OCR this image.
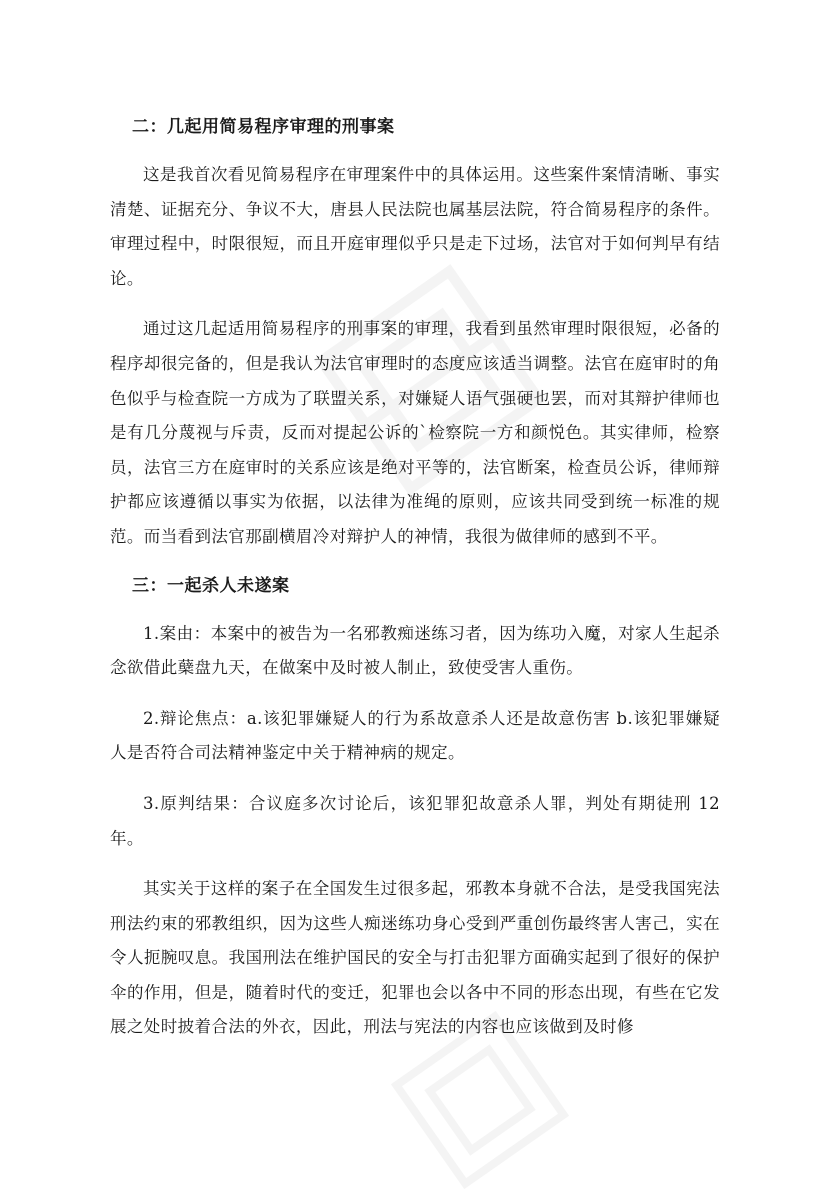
二：几起用简易程序审理的刑事案

这是我首次看见简易程序在审理案件中的具体运用。这些案件案情清晰、事实清楚、证据充分、争议不大，唐县人民法院也属基层法院，符合简易程序的条件。审理过程中，时限很短，而且开庭审理似乎只是走下过场，法官对于如何判早有结论。

通过这几起适用简易程序的刑事案的审理，我看到虽然审理时限很短，必备的程序却很完备的，但是我认为法官审理时的态度应该适当调整。法官在庭审时的角色似乎与检查院一方成为了联盟关系，对嫌疑人语气强硬也罢，而对其辩护律师也是有几分蔑视与斥责，反而对提起公诉的`检察院一方和颜悦色。其实律师，检察员，法官三方在庭审时的关系应该是绝对平等的，法官断案，检查员公诉，律师辩护都应该遵循以事实为依据，以法律为准绳的原则，应该共同受到统一标准的规范。而当看到法官那副横眉冷对辩护人的神情，我很为做律师的感到不平。

三：一起杀人未遂案

1.案由：本案中的被告为一名邪教痴迷练习者，因为练功入魔，对家人生起杀念欲借此蘖盘九天，在做案中及时被人制止，致使受害人重伤。

2.辩论焦点：a.该犯罪嫌疑人的行为系故意杀人还是故意伤害 b.该犯罪嫌疑人是否符合司法精神鉴定中关于精神病的规定。

3.原判结果：合议庭多次讨论后，该犯罪犯故意杀人罪，判处有期徒刑 12年。

其实关于这样的案子在全国发生过很多起，邪教本身就不合法，是受我国宪法刑法约束的邪教组织，因为这些人痴迷练功身心受到严重创伤最终害人害己，实在令人扼腕叹息。我国刑法在维护国民的安全与打击犯罪方面确实起到了很好的保护伞的作用，但是，随着时代的变迁，犯罪也会以各中不同的形态出现，有些在它发展之处时披着合法的外衣，因此，刑法与宪法的内容也应该做到及时修
